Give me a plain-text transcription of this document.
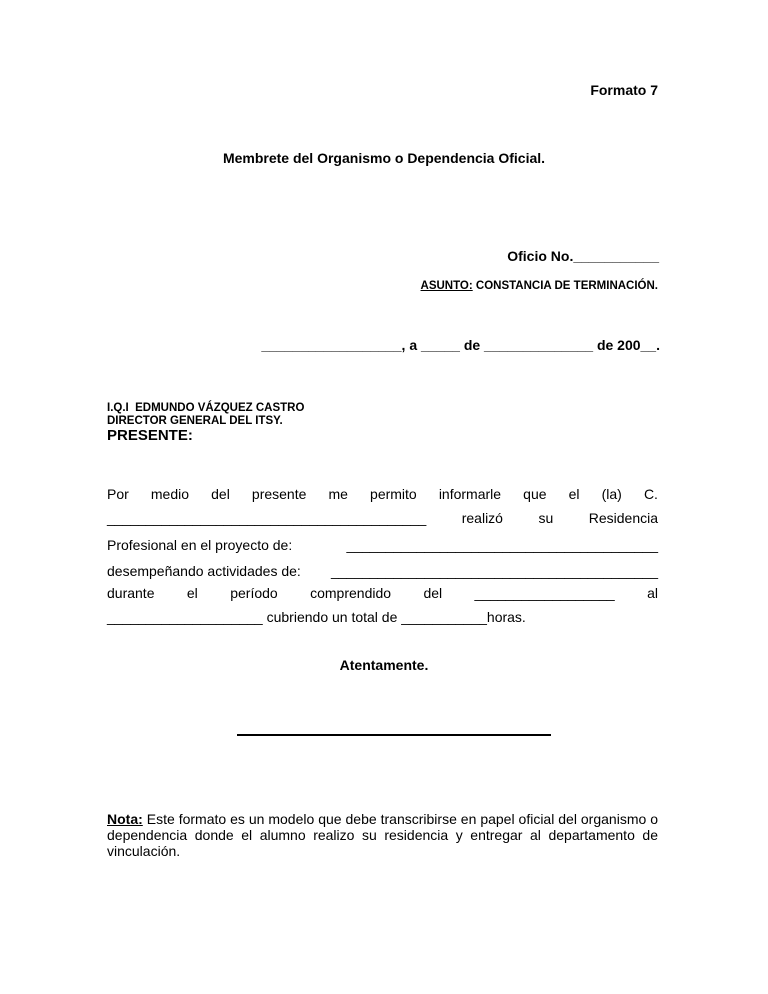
Formato 7
Membrete del Organismo o Dependencia Oficial.
Oficio No.___________
ASUNTO: CONSTANCIA DE TERMINACIÓN.
__________________, a _____ de ______________ de 200__.
I.Q.I  EDMUNDO VÁZQUEZ CASTRO
DIRECTOR GENERAL DEL ITSY.
PRESENTE:
Por medio del presente me permito informarle que el (la) C.
_________________________________________	realizó	su	Residencia
Profesional en el proyecto de:	________________________________________
desempeñando actividades de: __________________________________________
durante el período comprendido del __________________ al
____________________ cubriendo un total de ___________horas.
Atentamente.
Nota: Este formato es un modelo que debe transcribirse en papel oficial del organismo o dependencia donde el alumno realizo su residencia y entregar al departamento de vinculación.
